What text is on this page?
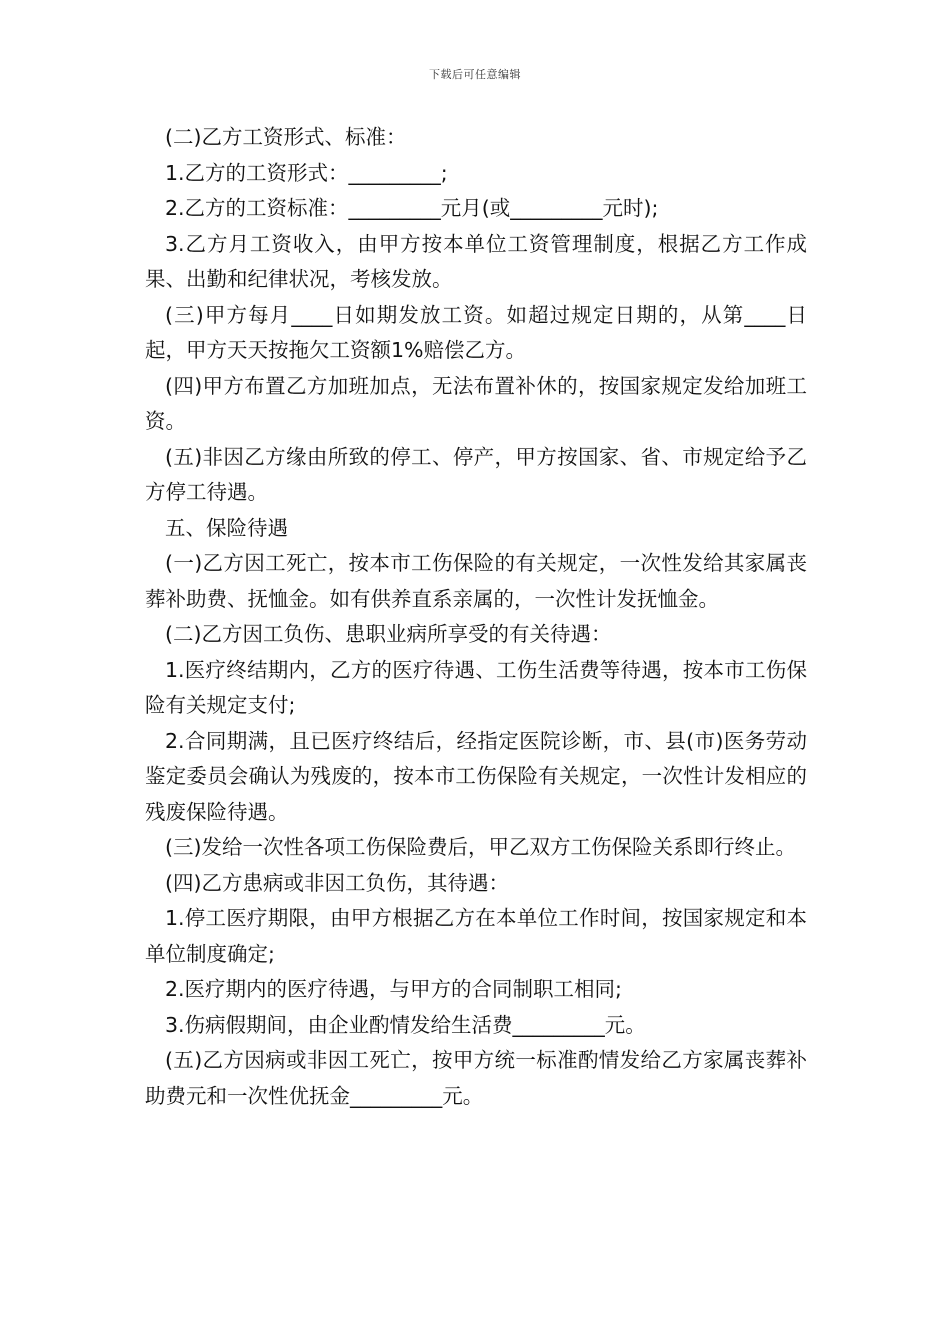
下载后可任意编辑

(二)乙方工资形式、标准：

1.乙方的工资形式：_________;

2.乙方的工资标准：_________元月(或_________元时);

3.乙方月工资收入，由甲方按本单位工资管理制度，根据乙方工作成果、出勤和纪律状况，考核发放。

(三)甲方每月____日如期发放工资。如超过规定日期的，从第____日起，甲方天天按拖欠工资额1%赔偿乙方。

(四)甲方布置乙方加班加点，无法布置补休的，按国家规定发给加班工资。

(五)非因乙方缘由所致的停工、停产，甲方按国家、省、市规定给予乙方停工待遇。

五、保险待遇

(一)乙方因工死亡，按本市工伤保险的有关规定，一次性发给其家属丧葬补助费、抚恤金。如有供养直系亲属的，一次性计发抚恤金。

(二)乙方因工负伤、患职业病所享受的有关待遇：

1.医疗终结期内，乙方的医疗待遇、工伤生活费等待遇，按本市工伤保险有关规定支付;

2.合同期满，且已医疗终结后，经指定医院诊断，市、县(市)医务劳动鉴定委员会确认为残废的，按本市工伤保险有关规定，一次性计发相应的残废保险待遇。

(三)发给一次性各项工伤保险费后，甲乙双方工伤保险关系即行终止。

(四)乙方患病或非因工负伤，其待遇：

1.停工医疗期限，由甲方根据乙方在本单位工作时间，按国家规定和本单位制度确定;

2.医疗期内的医疗待遇，与甲方的合同制职工相同;

3.伤病假期间，由企业酌情发给生活费_________元。

(五)乙方因病或非因工死亡，按甲方统一标准酌情发给乙方家属丧葬补助费元和一次性优抚金_________元。
